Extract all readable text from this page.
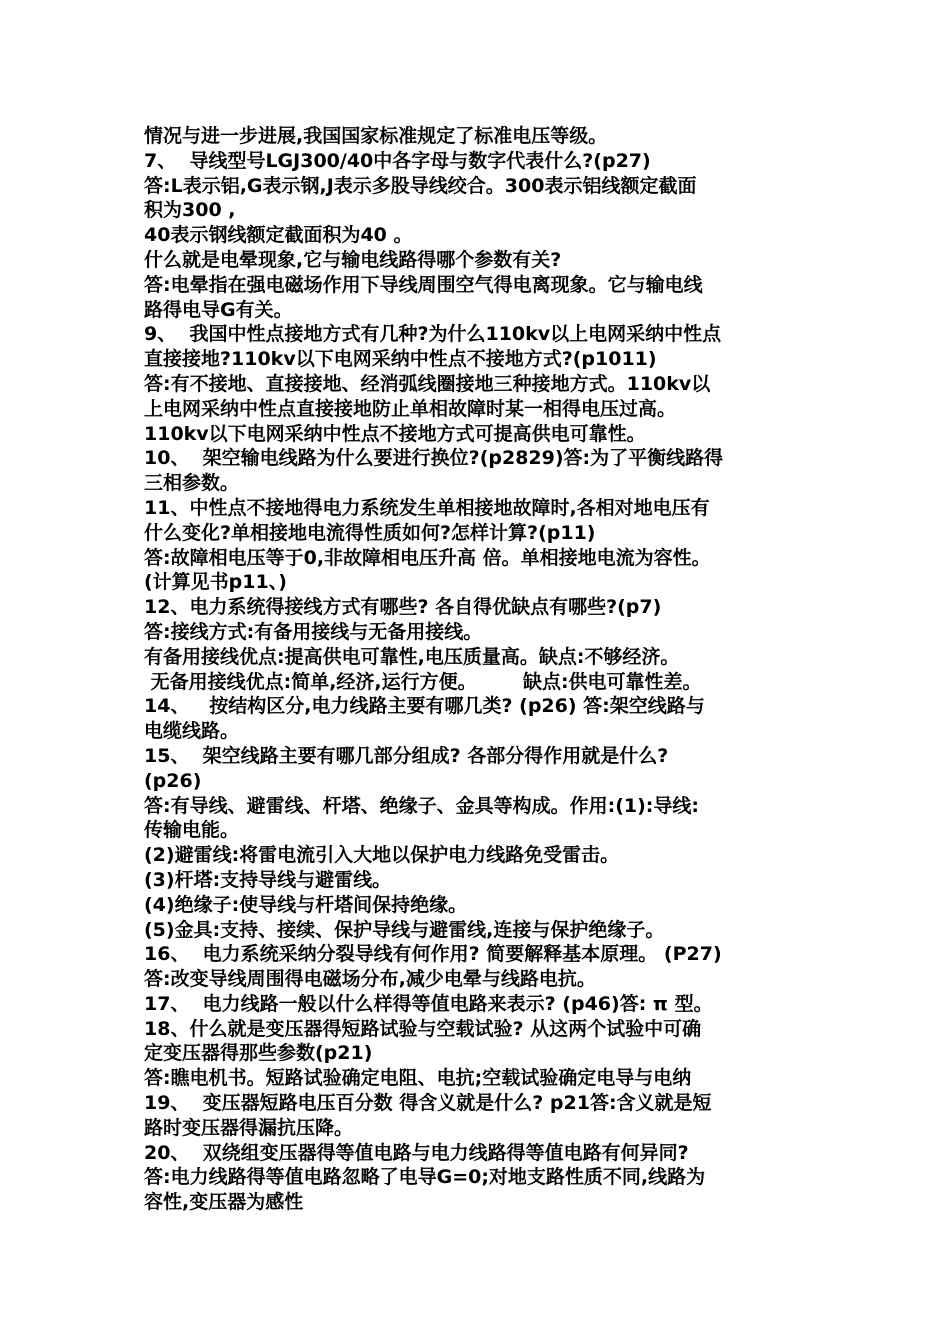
情况与进一步进展,我国国家标准规定了标准电压等级。
7、  导线型号LGJ300/40中各字母与数字代表什么?(p27)
答:L表示铝,G表示钢,J表示多股导线绞合。300表示铝线额定截面
积为300 ,
40表示钢线额定截面积为40 。
什么就是电晕现象,它与输电线路得哪个参数有关?
答:电晕指在强电磁场作用下导线周围空气得电离现象。它与输电线
路得电导G有关。
9、  我国中性点接地方式有几种?为什么110kv以上电网采纳中性点
直接接地?110kv以下电网采纳中性点不接地方式?(p1011)
答:有不接地、直接接地、经消弧线圈接地三种接地方式。110kv以
上电网采纳中性点直接接地防止单相故障时某一相得电压过高。
110kv以下电网采纳中性点不接地方式可提高供电可靠性。
10、  架空输电线路为什么要进行换位?(p2829)答:为了平衡线路得
三相参数。
11、中性点不接地得电力系统发生单相接地故障时,各相对地电压有
什么变化?单相接地电流得性质如何?怎样计算?(p11)
答:故障相电压等于0,非故障相电压升高 倍。单相接地电流为容性。
(计算见书p11、)
12、电力系统得接线方式有哪些? 各自得优缺点有哪些?(p7)
答:接线方式:有备用接线与无备用接线。
有备用接线优点:提高供电可靠性,电压质量高。缺点:不够经济。
无备用接线优点:简单,经济,运行方便。       缺点:供电可靠性差。
14、   按结构区分,电力线路主要有哪几类? (p26) 答:架空线路与
电缆线路。
15、  架空线路主要有哪几部分组成? 各部分得作用就是什么?
(p26)
答:有导线、避雷线、杆塔、绝缘子、金具等构成。作用:(1):导线:
传输电能。
(2)避雷线:将雷电流引入大地以保护电力线路免受雷击。
(3)杆塔:支持导线与避雷线。
(4)绝缘子:使导线与杆塔间保持绝缘。
(5)金具:支持、接续、保护导线与避雷线,连接与保护绝缘子。
16、  电力系统采纳分裂导线有何作用? 简要解释基本原理。 (P27)
答:改变导线周围得电磁场分布,减少电晕与线路电抗。
17、  电力线路一般以什么样得等值电路来表示? (p46)答: π 型。
18、什么就是变压器得短路试验与空载试验? 从这两个试验中可确
定变压器得那些参数(p21)
答:瞧电机书。短路试验确定电阻、电抗;空载试验确定电导与电纳
19、  变压器短路电压百分数 得含义就是什么? p21答:含义就是短
路时变压器得漏抗压降。
20、  双绕组变压器得等值电路与电力线路得等值电路有何异同?
答:电力线路得等值电路忽略了电导G=0;对地支路性质不同,线路为
容性,变压器为感性
